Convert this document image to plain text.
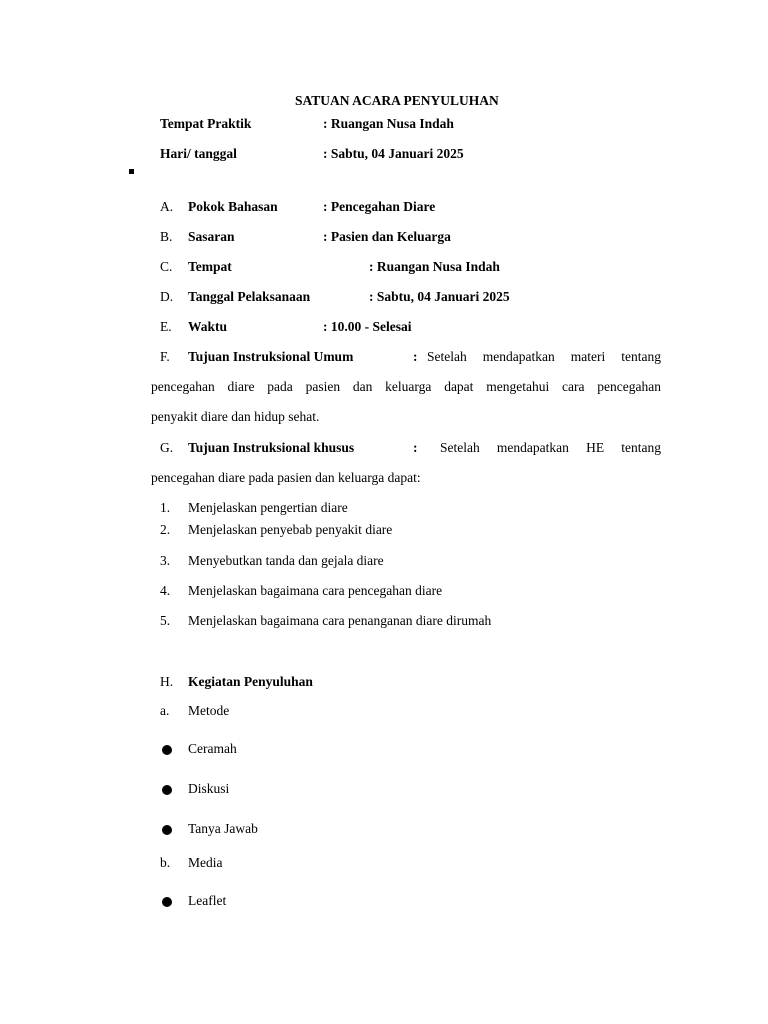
SATUAN ACARA PENYULUHAN
Tempat Praktik	: Ruangan Nusa Indah
Hari/ tanggal	: Sabtu, 04 Januari 2025
A. Pokok Bahasan	: Pencegahan Diare
B. Sasaran	: Pasien dan Keluarga
C. Tempat	: Ruangan Nusa Indah
D. Tanggal Pelaksanaan	: Sabtu, 04 Januari 2025
E. Waktu	: 10.00 - Selesai
F. Tujuan Instruksional Umum	: Setelah mendapatkan materi tentang
pencegahan diare pada pasien dan keluarga dapat mengetahui cara pencegahan
penyakit diare dan hidup sehat.
G. Tujuan Instruksional khusus	: Setelah mendapatkan HE tentang
pencegahan diare pada pasien dan keluarga dapat:
1. Menjelaskan pengertian diare
2. Menjelaskan penyebab penyakit diare
3. Menyebutkan tanda dan gejala diare
4. Menjelaskan bagaimana cara pencegahan diare
5. Menjelaskan bagaimana cara penanganan diare dirumah
H. Kegiatan Penyuluhan
a. Metode
Ceramah
Diskusi
Tanya Jawab
b. Media
Leaflet
